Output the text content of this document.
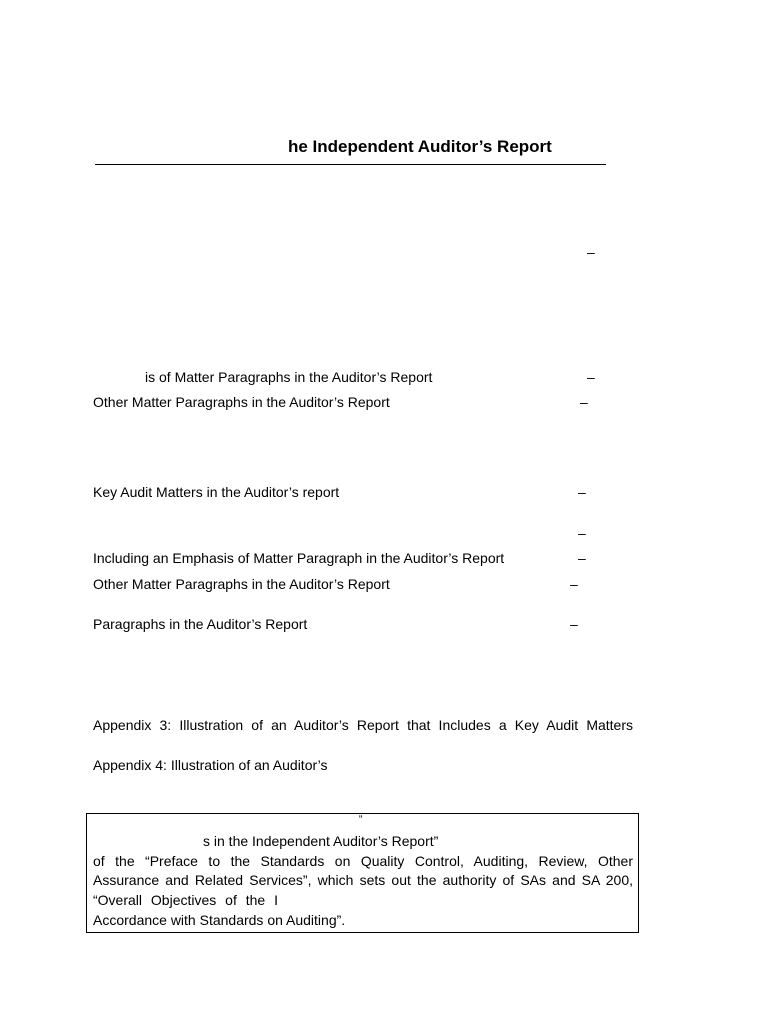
he Independent Auditor’s Report
–
is of Matter Paragraphs in the Auditor’s Report	–
Other Matter Paragraphs in the Auditor’s Report	–
Key Audit Matters in the Auditor’s report	–
–
Including an Emphasis of Matter Paragraph in the Auditor’s Report	–
Other Matter Paragraphs in the Auditor’s Report	–
Paragraphs in the Auditor’s Report	–
Appendix 3: Illustration of an Auditor’s Report that Includes a Key Audit Matters
Appendix 4: Illustration of an Auditor’s
“
s in the Independent Auditor’s Report”
of the “Preface to the Standards on Quality Control, Auditing, Review, Other
Assurance and Related Services”, which sets out the authority of SAs and SA 200,
“Overall Objectives of the I
Accordance with Standards on Auditing”.
